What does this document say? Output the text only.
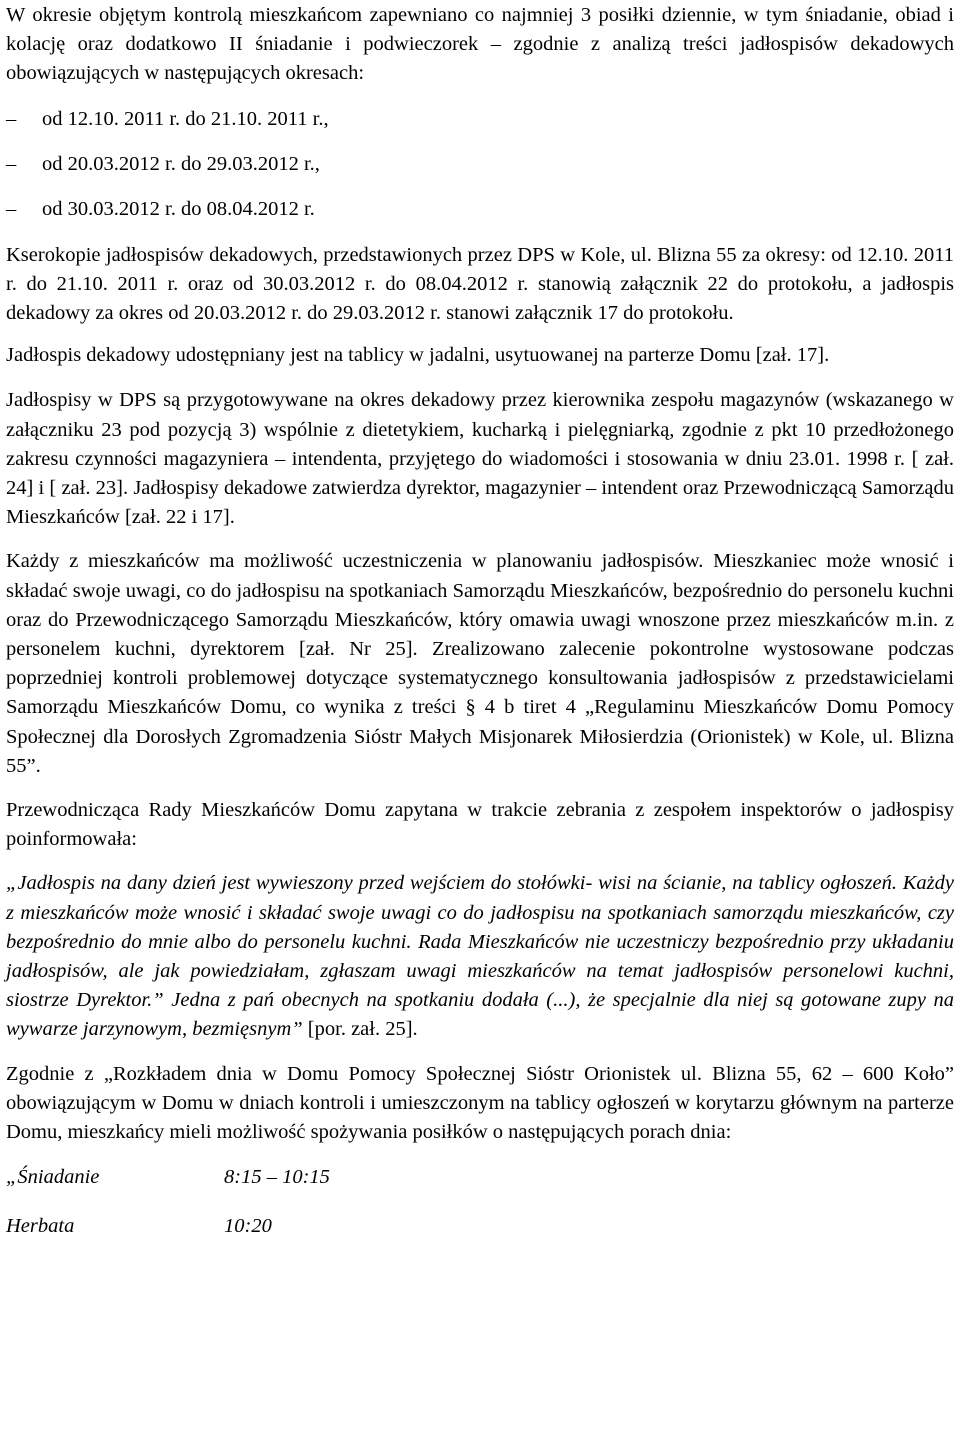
W okresie objętym kontrolą mieszkańcom zapewniano co najmniej 3 posiłki dziennie, w tym śniadanie, obiad i kolację oraz dodatkowo II śniadanie i podwieczorek – zgodnie z analizą treści jadłospisów dekadowych obowiązujących w następujących okresach:

–	od 12.10. 2011 r. do 21.10. 2011 r.,
–	od 20.03.2012 r. do 29.03.2012 r.,
–	od 30.03.2012 r. do 08.04.2012 r.

Kserokopie jadłospisów dekadowych, przedstawionych przez DPS w Kole, ul. Blizna 55 za okresy: od 12.10. 2011 r. do 21.10. 2011 r. oraz od 30.03.2012 r. do 08.04.2012 r. stanowią załącznik 22 do protokołu, a jadłospis dekadowy za okres od 20.03.2012 r. do 29.03.2012 r. stanowi załącznik 17 do protokołu.

Jadłospis dekadowy udostępniany jest na tablicy w jadalni, usytuowanej na parterze Domu [zał. 17].

Jadłospisy w DPS są przygotowywane na okres dekadowy przez kierownika zespołu magazynów (wskazanego w załączniku 23 pod pozycją 3) wspólnie z dietetykiem, kucharką i pielęgniarką, zgodnie z pkt 10 przedłożonego zakresu czynności magazyniera – intendenta, przyjętego do wiadomości i stosowania w dniu 23.01. 1998 r. [ zał. 24] i [ zał. 23]. Jadłospisy dekadowe zatwierdza dyrektor, magazynier – intendent oraz Przewodniczącą Samorządu Mieszkańców [zał. 22 i 17].

Każdy z mieszkańców ma możliwość uczestniczenia w planowaniu jadłospisów. Mieszkaniec może wnosić i składać swoje uwagi, co do jadłospisu na spotkaniach Samorządu Mieszkańców, bezpośrednio do personelu kuchni oraz do Przewodniczącego Samorządu Mieszkańców, który omawia uwagi wnoszone przez mieszkańców m.in. z personelem kuchni, dyrektorem [zał. Nr 25]. Zrealizowano zalecenie pokontrolne wystosowane podczas poprzedniej kontroli problemowej dotyczące systematycznego konsultowania jadłospisów z przedstawicielami Samorządu Mieszkańców Domu, co wynika z treści § 4 b tiret 4 „Regulaminu Mieszkańców Domu Pomocy Społecznej dla Dorosłych Zgromadzenia Sióstr Małych Misjonarek Miłosierdzia (Orionistek) w Kole, ul. Blizna 55”.

Przewodnicząca Rady Mieszkańców Domu zapytana w trakcie zebrania z zespołem inspektorów o jadłospisy poinformowała:

„Jadłospis na dany dzień jest wywieszony przed wejściem do stołówki- wisi na ścianie, na tablicy ogłoszeń. Każdy z mieszkańców może wnosić i składać swoje uwagi co do jadłospisu na spotkaniach samorządu mieszkańców, czy bezpośrednio do mnie albo do personelu kuchni. Rada Mieszkańców nie uczestniczy bezpośrednio przy układaniu jadłospisów, ale jak powiedziałam, zgłaszam uwagi mieszkańców na temat jadłospisów personelowi kuchni, siostrze Dyrektor.” Jedna z pań obecnych na spotkaniu dodała (...), że specjalnie dla niej są gotowane zupy na wywarze jarzynowym, bezmięsnym” [por. zał. 25].

Zgodnie z „Rozkładem dnia w Domu Pomocy Społecznej Sióstr Orionistek ul. Blizna 55, 62 – 600 Koło” obowiązującym w Domu w dniach kontroli i umieszczonym na tablicy ogłoszeń w korytarzu głównym na parterze Domu, mieszkańcy mieli możliwość spożywania posiłków o następujących porach dnia:

„Śniadanie	8:15 – 10:15
Herbata	10:20
